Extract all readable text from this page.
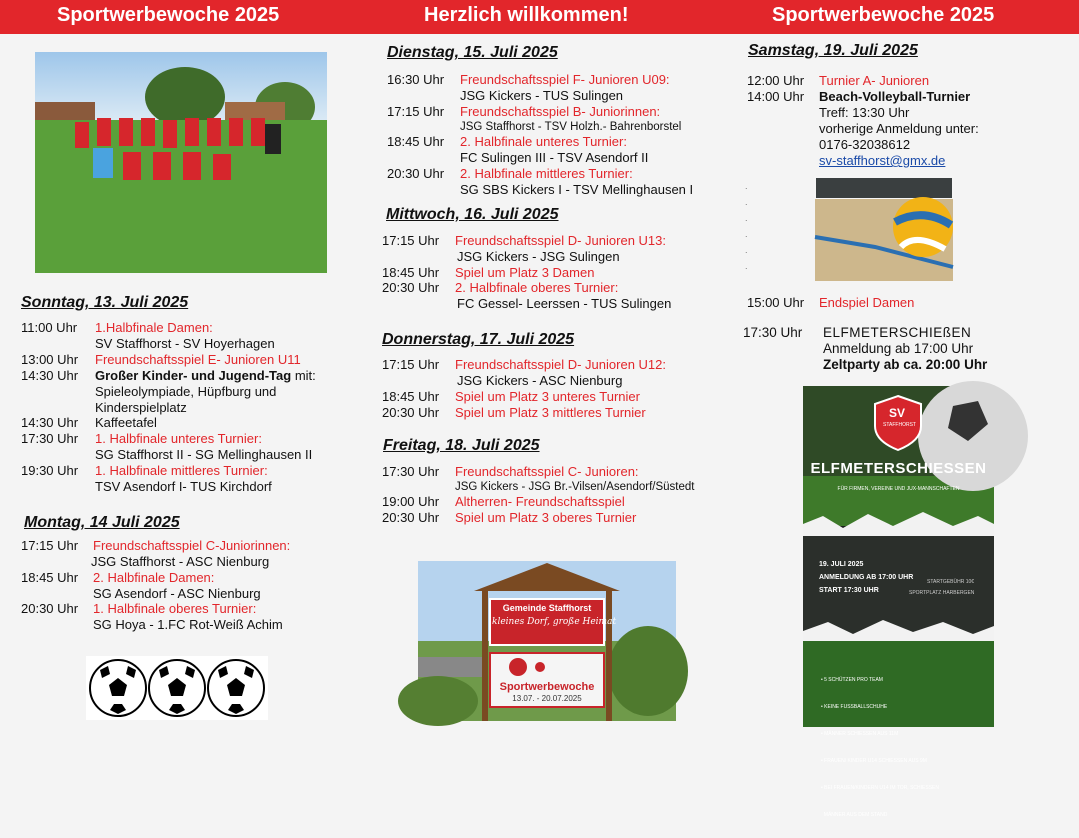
Sportwerbewoche 2025	Herzlich willkommen!	Sportwerbewoche 2025
Sonntag, 13. Juli 2025
11:00 Uhr 1.Halbfinale Damen:
SV Staffhorst - SV Hoyerhagen
13:00 Uhr Freundschaftsspiel E- Junioren U11
14:30 Uhr Großer Kinder- und Jugend-Tag mit:
Spieleolympiade, Hüpfburg und
Kinderspielplatz
14:30 Uhr Kaffeetafel
17:30 Uhr 1. Halbfinale unteres Turnier:
SG Staffhorst II - SG Mellinghausen II
19:30 Uhr 1. Halbfinale mittleres Turnier:
TSV Asendorf I- TUS Kirchdorf
Montag, 14 Juli 2025
17:15 Uhr Freundschaftsspiel C-Juniorinnen:
JSG Staffhorst - ASC Nienburg
18:45 Uhr 2. Halbfinale Damen:
SG Asendorf - ASC Nienburg
20:30 Uhr 1. Halbfinale oberes Turnier:
SG Hoya - 1.FC Rot-Weiß Achim
Dienstag, 15. Juli 2025
16:30 Uhr Freundschaftsspiel F- Junioren U09:
JSG Kickers - TUS Sulingen
17:15 Uhr Freundschaftsspiel B- Juniorinnen:
JSG Staffhorst - TSV Holzh.- Bahrenborstel
18:45 Uhr 2. Halbfinale unteres Turnier:
FC Sulingen III - TSV Asendorf II
20:30 Uhr 2. Halbfinale mittleres Turnier:
SG SBS Kickers I - TSV Mellinghausen I
Mittwoch, 16. Juli 2025
17:15 Uhr Freundschaftsspiel D- Junioren U13:
JSG Kickers - JSG Sulingen
18:45 Uhr Spiel um Platz 3 Damen
20:30 Uhr 2. Halbfinale oberes Turnier:
FC Gessel- Leerssen - TUS Sulingen
Donnerstag, 17. Juli 2025
17:15 Uhr Freundschaftsspiel D- Junioren U12:
JSG Kickers - ASC Nienburg
18:45 Uhr Spiel um Platz 3 unteres Turnier
20:30 Uhr Spiel um Platz 3 mittleres Turnier
Freitag, 18. Juli 2025
17:30 Uhr Freundschaftsspiel C- Junioren:
JSG Kickers - JSG Br.-Vilsen/Asendorf/Süstedt
19:00 Uhr Altherren- Freundschaftsspiel
20:30 Uhr Spiel um Platz 3 oberes Turnier
Gemeinde Staffhorst
kleines Dorf, große Heimat
Sportwerbewoche
13.07. - 20.07.2025
Samstag, 19. Juli 2025
12:00 Uhr Turnier A- Junioren
14:00 Uhr Beach-Volleyball-Turnier
Treff: 13:30 Uhr
vorherige Anmeldung unter:
0176-32038612
sv-staffhorst@gmx.de
.
.
.
.
.
.
15:00 Uhr Endspiel Damen
17:30 Uhr ELFMETERSCHIEßEN
Anmeldung ab 17:00 Uhr
Zeltparty ab ca. 20:00 Uhr
SV
STAFFHORST
ELFMETERSCHIESSEN
FÜR FIRMEN, VEREINE UND JUX-MANNSCHAFTEN
19. JULI 2025
ANMELDUNG AB 17:00 UHR
START 17:30 UHR
STARTGEBÜHR 10€
SPORTPLATZ HARBERGEN

• 5 SCHÜTZEN PRO TEAM

• KEINE FUSSBALLSCHUHE

• MÄNNER SCHIESSEN AUS 11M

• FRAUEN/ KINDER U14 SCHIESSEN AUS 9M

• BEI FRAUEN/KINDERN U14 IM TOR, SCHIESSEN

MÄNNER AUS DEM STAND
